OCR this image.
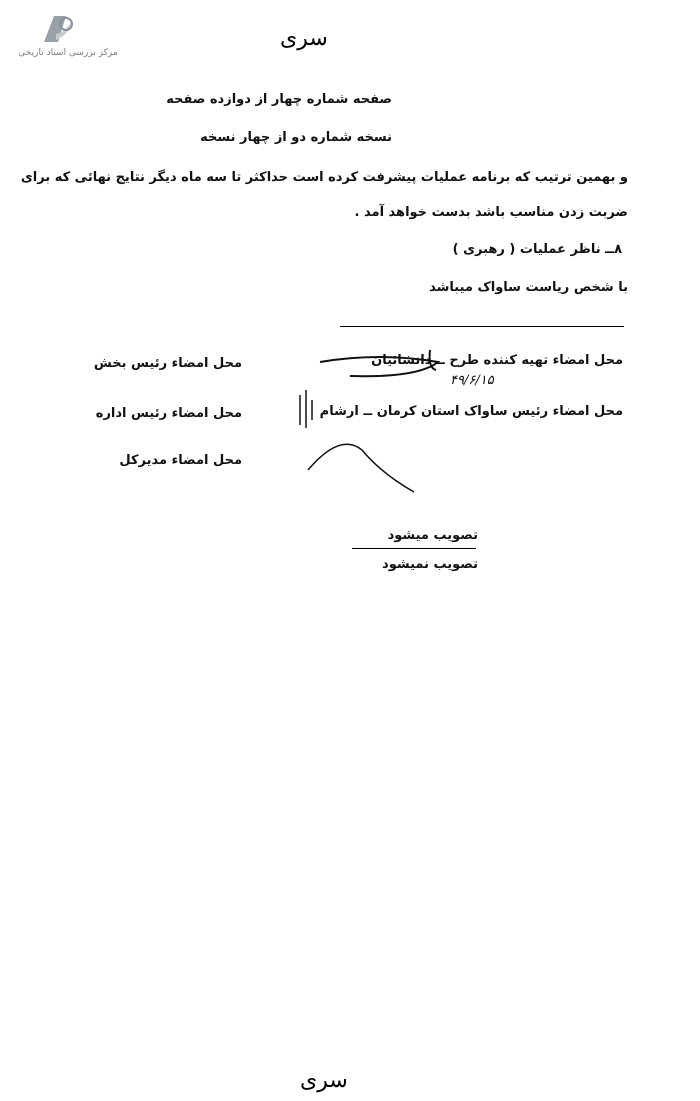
مرکز بررسی اسناد تاریخی
سری
صفحه شماره چهار از دوازده صفحه
نسخه شماره دو از چهار نسخه
و بهمین ترتیب که برنامه عملیات پیشرفت کرده است حداکثر تا سه ماه دیگر نتایج نهائی که برای
ضربت زدن مناسب باشد بدست خواهد آمد .
۸ــ ناظر عملیات ( رهبری )
با شخص ریاست ساواک میباشد
محل امضاء تهیه کننده طرح ــ دانشائیان
۴۹/۶/۱۵
محل امضاء رئیس ساواک استان کرمان ــ ارشام
محل امضاء رئیس بخش
محل امضاء رئیس اداره
محل امضاء مدیرکل
تصویب میشود
تصویب نمیشود
سری
